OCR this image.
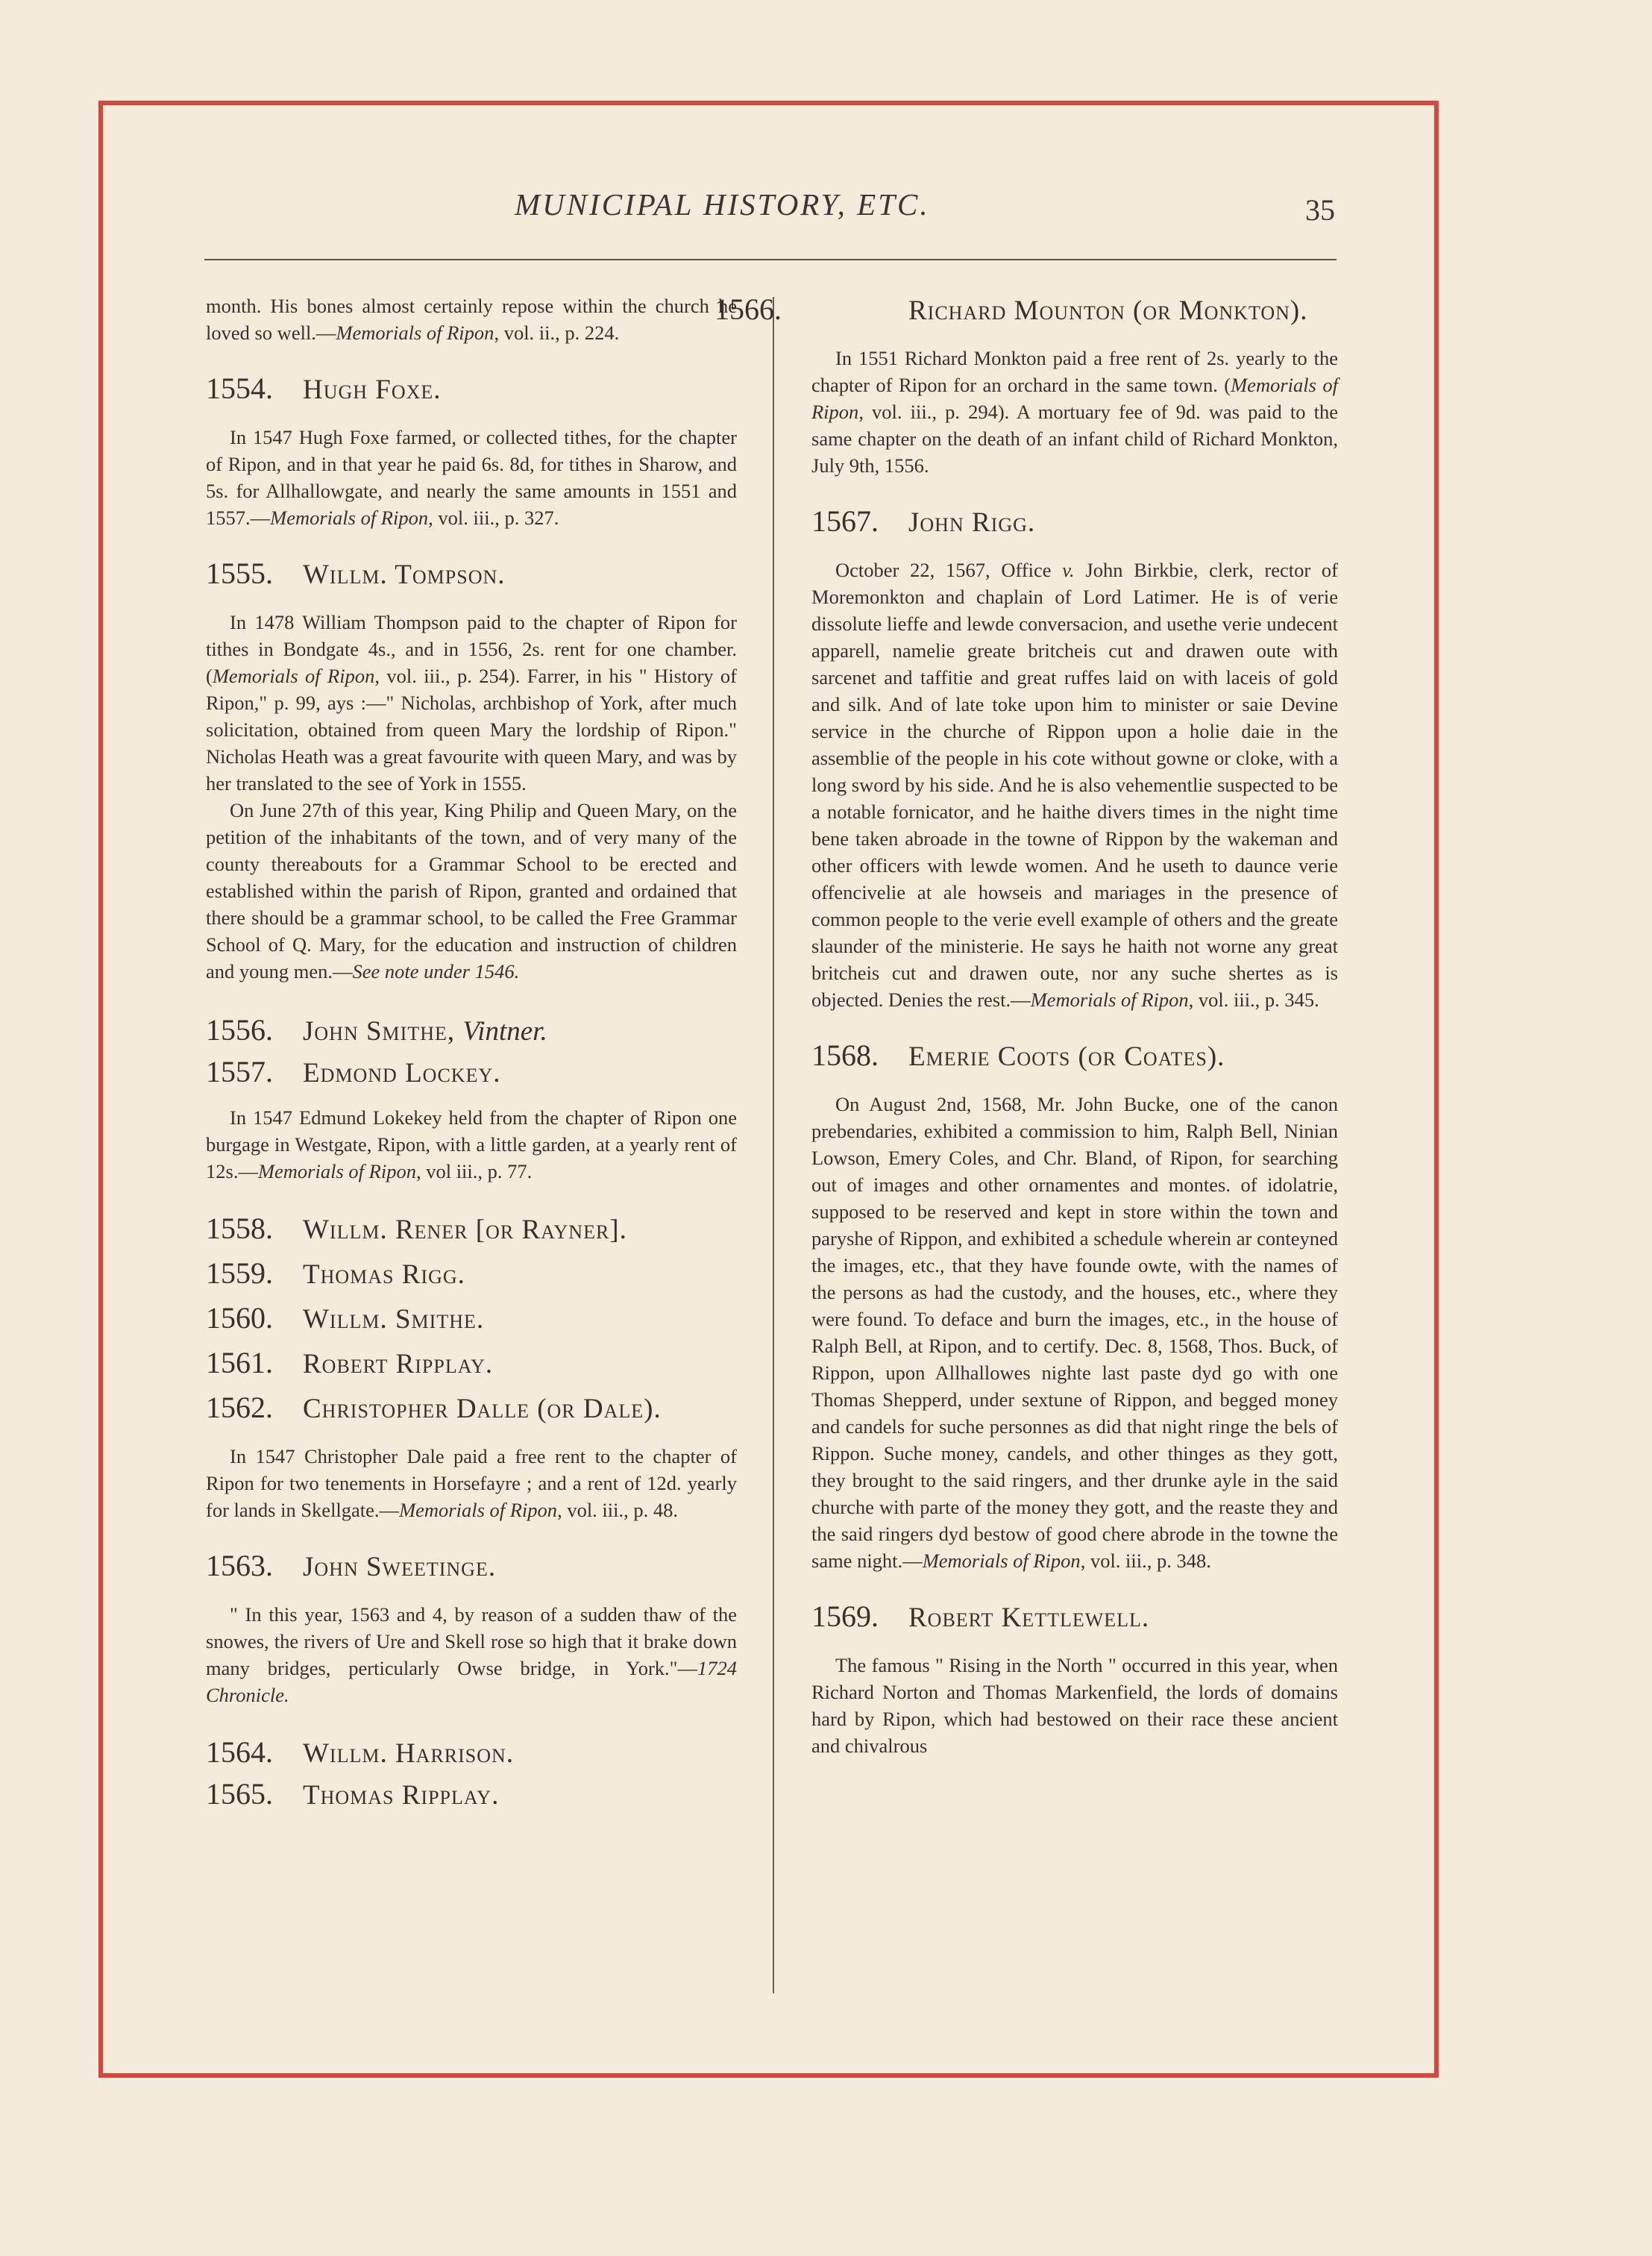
MUNICIPAL HISTORY, ETC.	35

month. His bones almost certainly repose within the church he loved so well.—Memorials of Ripon, vol. ii., p. 224.

1554. Hugh Foxe.

In 1547 Hugh Foxe farmed, or collected tithes, for the chapter of Ripon, and in that year he paid 6s. 8d, for tithes in Sharow, and 5s. for Allhallowgate, and nearly the same amounts in 1551 and 1557.—Memorials of Ripon, vol. iii., p. 327.

1555. Willm. Tompson.

In 1478 William Thompson paid to the chapter of Ripon for tithes in Bondgate 4s., and in 1556, 2s. rent for one chamber. (Memorials of Ripon, vol. iii., p. 254). Farrer, in his " History of Ripon," p. 99, ays :—" Nicholas, archbishop of York, after much solicitation, obtained from queen Mary the lordship of Ripon." Nicholas Heath was a great favourite with queen Mary, and was by her translated to the see of York in 1555.

On June 27th of this year, King Philip and Queen Mary, on the petition of the inhabitants of the town, and of very many of the county thereabouts for a Grammar School to be erected and established within the parish of Ripon, granted and ordained that there should be a grammar school, to be called the Free Grammar School of Q. Mary, for the education and instruction of children and young men.—See note under 1546.

1556. John Smithe, Vintner.
1557. Edmond Lockey.

In 1547 Edmund Lokekey held from the chapter of Ripon one burgage in Westgate, Ripon, with a little garden, at a yearly rent of 12s.—Memorials of Ripon, vol iii., p. 77.

1558. Willm. Rener [or Rayner].
1559. Thomas Rigg.
1560. Willm. Smithe.
1561. Robert Ripplay.
1562. Christopher Dalle (or Dale).

In 1547 Christopher Dale paid a free rent to the chapter of Ripon for two tenements in Horsefayre ; and a rent of 12d. yearly for lands in Skellgate.—Memorials of Ripon, vol. iii., p. 48.

1563. John Sweetinge.

" In this year, 1563 and 4, by reason of a sudden thaw of the snowes, the rivers of Ure and Skell rose so high that it brake down many bridges, perticularly Owse bridge, in York."—1724 Chronicle.

1564. Willm. Harrison.
1565. Thomas Ripplay.
1566.	Richard Mounton (or Monkton).

In 1551 Richard Monkton paid a free rent of 2s. yearly to the chapter of Ripon for an orchard in the same town. (Memorials of Ripon, vol. iii., p. 294). A mortuary fee of 9d. was paid to the same chapter on the death of an infant child of Richard Monkton, July 9th, 1556.

1567. John Rigg.

October 22, 1567, Office v. John Birkbie, clerk, rector of Moremonkton and chaplain of Lord Latimer. He is of verie dissolute lieffe and lewde conversacion, and usethe verie undecent apparell, namelie greate britcheis cut and drawen oute with sarcenet and taffitie and great ruffes laid on with laceis of gold and silk. And of late toke upon him to minister or saie Devine service in the churche of Rippon upon a holie daie in the assemblie of the people in his cote without gowne or cloke, with a long sword by his side. And he is also vehementlie suspected to be a notable fornicator, and he haithe divers times in the night time bene taken abroade in the towne of Rippon by the wakeman and other officers with lewde women. And he useth to daunce verie offencivelie at ale howseis and mariages in the presence of common people to the verie evell example of others and the greate slaunder of the ministerie. He says he haith not worne any great britcheis cut and drawen oute, nor any suche shertes as is objected. Denies the rest.—Memorials of Ripon, vol. iii., p. 345.

1568. Emerie Coots (or Coates).

On August 2nd, 1568, Mr. John Bucke, one of the canon prebendaries, exhibited a commission to him, Ralph Bell, Ninian Lowson, Emery Coles, and Chr. Bland, of Ripon, for searching out of images and other ornamentes and montes. of idolatrie, supposed to be reserved and kept in store within the town and paryshe of Rippon, and exhibited a schedule wherein ar conteyned the images, etc., that they have founde owte, with the names of the persons as had the custody, and the houses, etc., where they were found. To deface and burn the images, etc., in the house of Ralph Bell, at Ripon, and to certify. Dec. 8, 1568, Thos. Buck, of Rippon, upon Allhallowes nighte last paste dyd go with one Thomas Shepperd, under sextune of Rippon, and begged money and candels for suche personnes as did that night ringe the bels of Rippon. Suche money, candels, and other thinges as they gott, they brought to the said ringers, and ther drunke ayle in the said churche with parte of the money they gott, and the reaste they and the said ringers dyd bestow of good chere abrode in the towne the same night.—Memorials of Ripon, vol. iii., p. 348.

1569. Robert Kettlewell.

The famous " Rising in the North " occurred in this year, when Richard Norton and Thomas Markenfield, the lords of domains hard by Ripon, which had bestowed on their race these ancient and chivalrous
